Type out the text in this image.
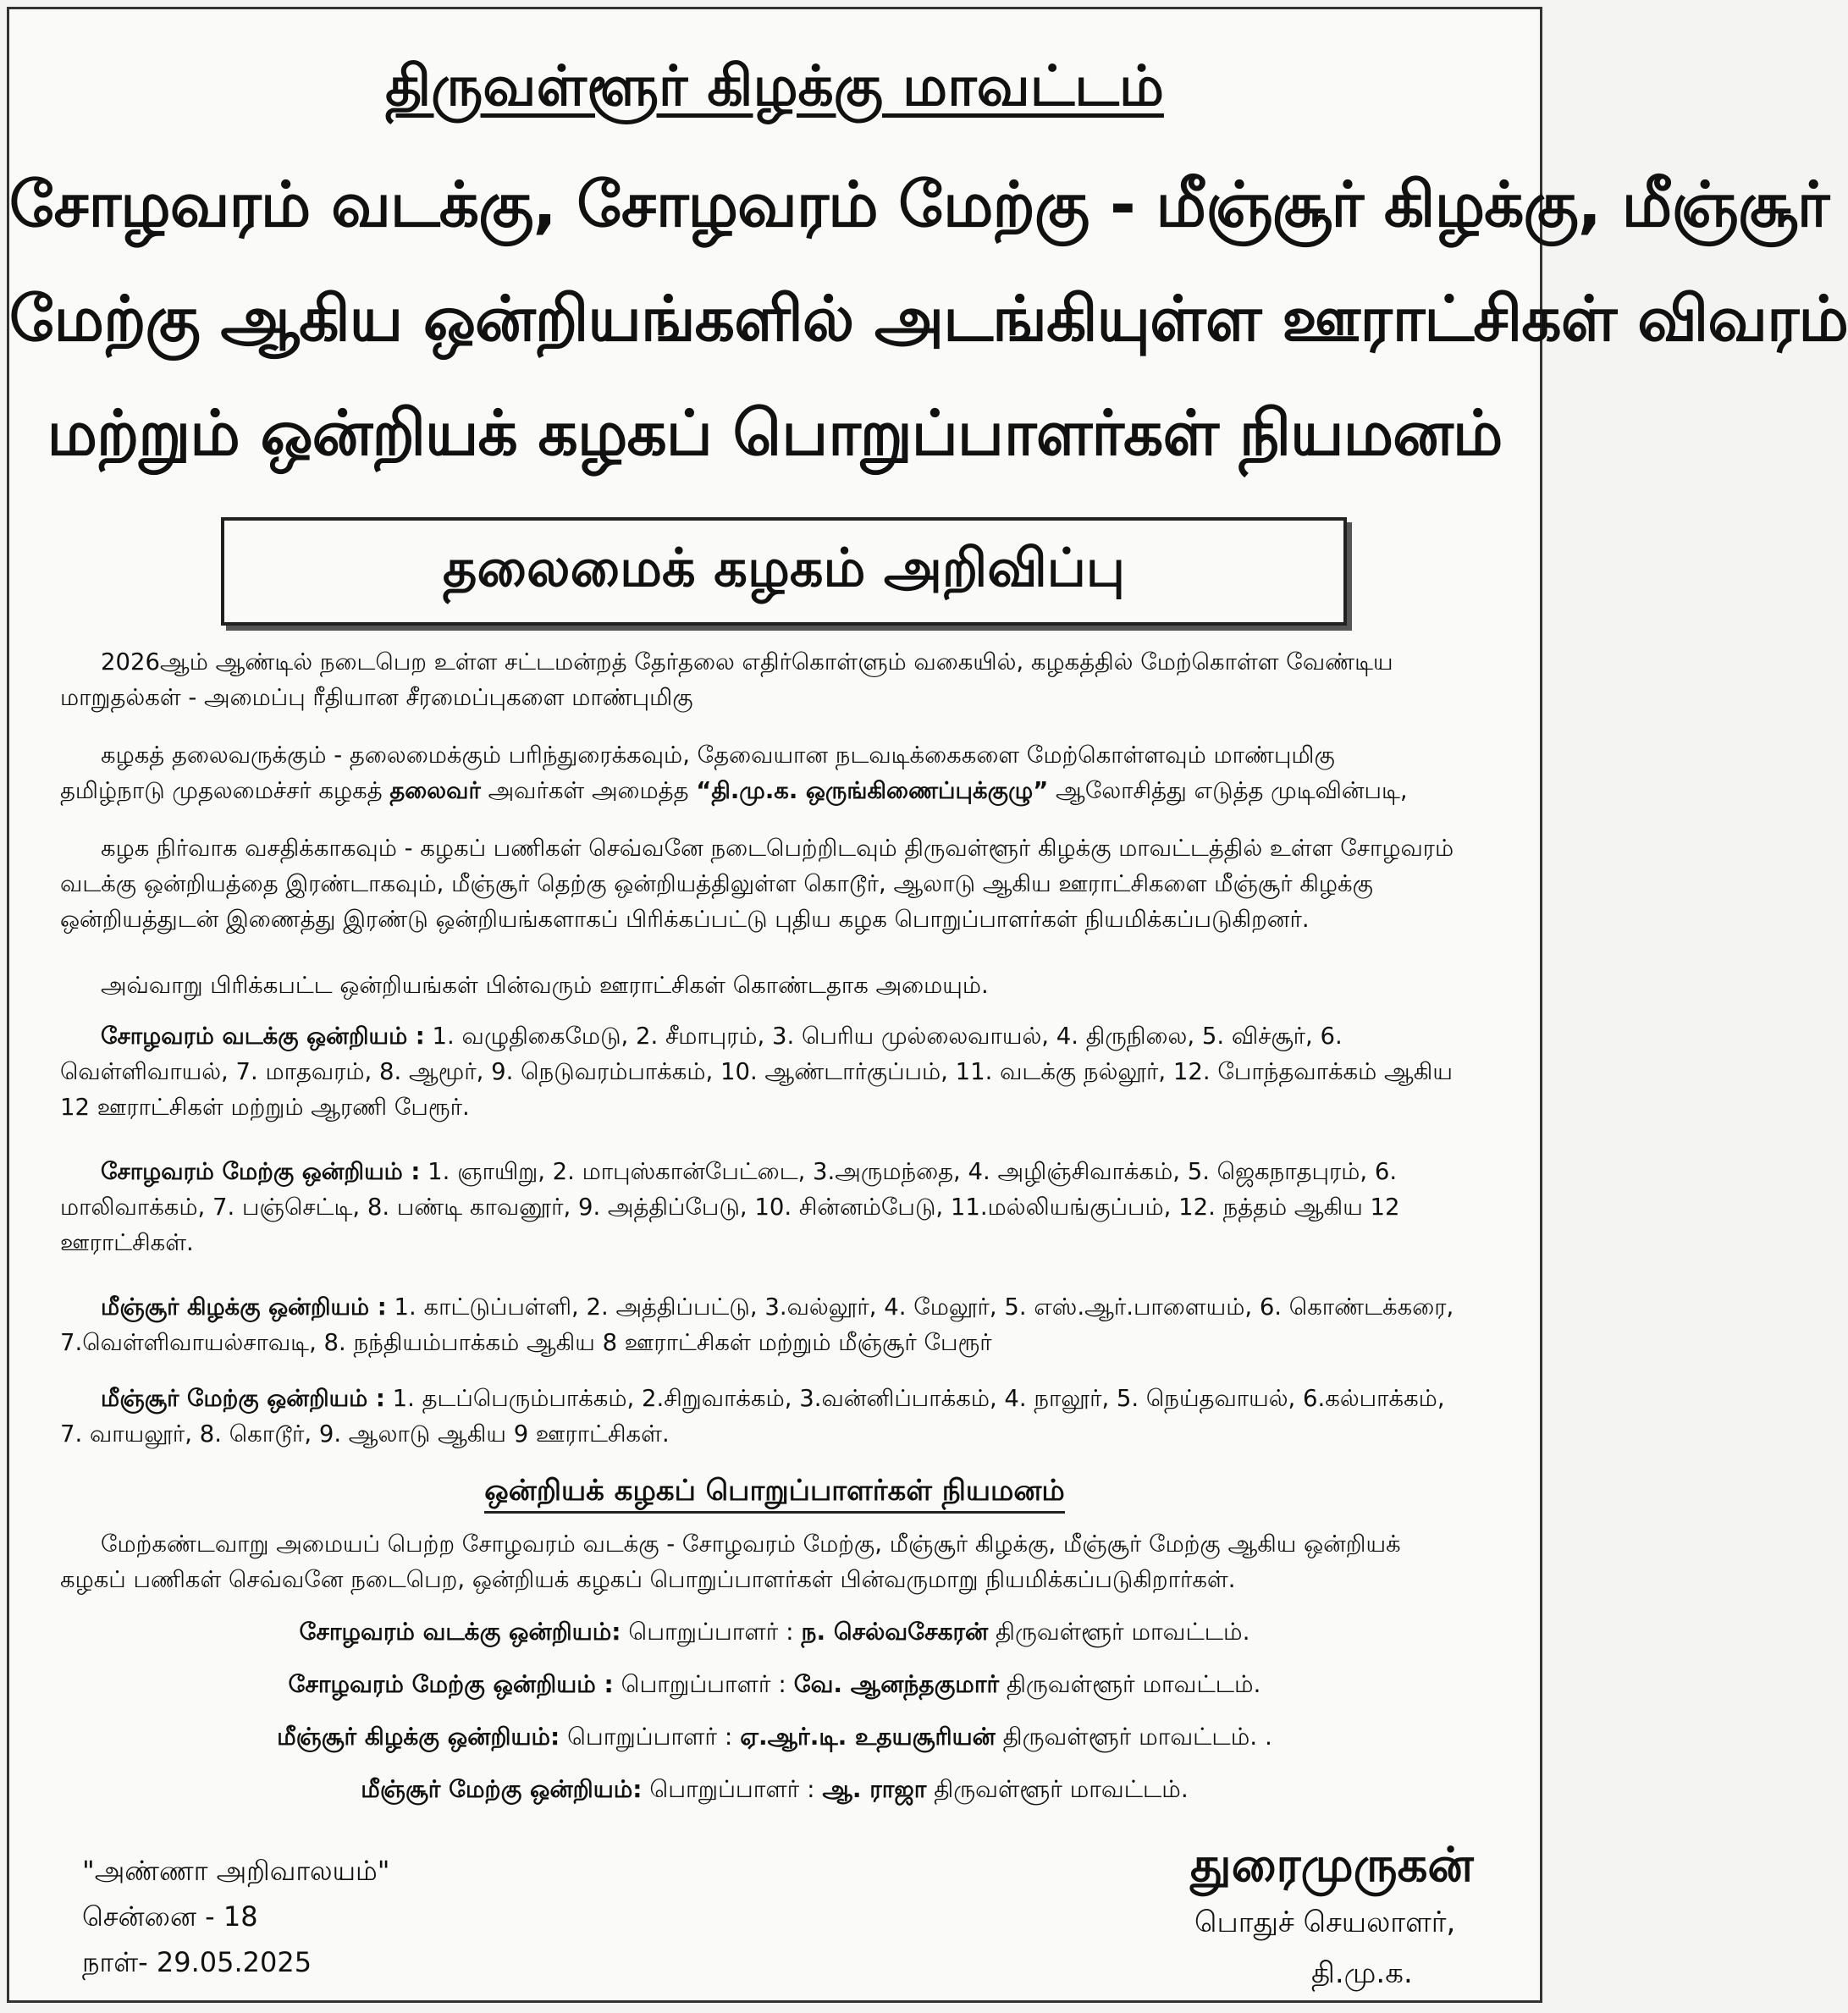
திருவள்ளூர் கிழக்கு மாவட்டம்
சோழவரம் வடக்கு, சோழவரம் மேற்கு - மீஞ்சூர் கிழக்கு, மீஞ்சூர்
மேற்கு ஆகிய ஒன்றியங்களில் அடங்கியுள்ள ஊராட்சிகள் விவரம்
மற்றும் ஒன்றியக் கழகப் பொறுப்பாளர்கள் நியமனம்
தலைமைக் கழகம் அறிவிப்பு
2026ஆம் ஆண்டில் நடைபெற உள்ள சட்டமன்றத் தேர்தலை எதிர்கொள்ளும் வகையில், கழகத்தில் மேற்கொள்ள வேண்டிய
மாறுதல்கள் - அமைப்பு ரீதியான சீரமைப்புகளை மாண்புமிகு
கழகத் தலைவருக்கும் - தலைமைக்கும் பரிந்துரைக்கவும், தேவையான நடவடிக்கைகளை மேற்கொள்ளவும் மாண்புமிகு
தமிழ்நாடு முதலமைச்சர் கழகத் தலைவர் அவர்கள் அமைத்த “தி.மு.க. ஒருங்கிணைப்புக்குழு” ஆலோசித்து எடுத்த முடிவின்படி,
கழக நிர்வாக வசதிக்காகவும் - கழகப் பணிகள் செவ்வனே நடைபெற்றிடவும் திருவள்ளூர் கிழக்கு மாவட்டத்தில் உள்ள சோழவரம்
வடக்கு ஒன்றியத்தை இரண்டாகவும், மீஞ்சூர் தெற்கு ஒன்றியத்திலுள்ள கொடூர், ஆலாடு ஆகிய ஊராட்சிகளை மீஞ்சூர் கிழக்கு
ஒன்றியத்துடன் இணைத்து இரண்டு ஒன்றியங்களாகப் பிரிக்கப்பட்டு புதிய கழக பொறுப்பாளர்கள் நியமிக்கப்படுகிறனர்.
அவ்வாறு பிரிக்கபட்ட ஒன்றியங்கள் பின்வரும் ஊராட்சிகள் கொண்டதாக அமையும்.
சோழவரம் வடக்கு ஒன்றியம் : 1. வழுதிகைமேடு, 2. சீமாபுரம், 3. பெரிய முல்லைவாயல், 4. திருநிலை, 5. விச்சூர், 6.
வெள்ளிவாயல், 7. மாதவரம், 8. ஆமூர், 9. நெடுவரம்பாக்கம், 10. ஆண்டார்குப்பம், 11. வடக்கு நல்லூர், 12. போந்தவாக்கம் ஆகிய
12 ஊராட்சிகள் மற்றும் ஆரணி பேரூர்.
சோழவரம் மேற்கு ஒன்றியம் : 1. ஞாயிறு, 2. மாபுஸ்கான்பேட்டை, 3.அருமந்தை, 4. அழிஞ்சிவாக்கம், 5. ஜெகநாதபுரம், 6.
மாலிவாக்கம், 7. பஞ்செட்டி, 8. பண்டி காவனூர், 9. அத்திப்பேடு, 10. சின்னம்பேடு, 11.மல்லியங்குப்பம், 12. நத்தம் ஆகிய 12
ஊராட்சிகள்.
மீஞ்சூர் கிழக்கு ஒன்றியம் : 1. காட்டுப்பள்ளி, 2. அத்திப்பட்டு, 3.வல்லூர், 4. மேலூர், 5. எஸ்.ஆர்.பாளையம், 6. கொண்டக்கரை,
7.வெள்ளிவாயல்சாவடி, 8. நந்தியம்பாக்கம் ஆகிய 8 ஊராட்சிகள் மற்றும் மீஞ்சூர் பேரூர்
மீஞ்சூர் மேற்கு ஒன்றியம் : 1. தடப்பெரும்பாக்கம், 2.சிறுவாக்கம், 3.வன்னிப்பாக்கம், 4. நாலூர், 5. நெய்தவாயல், 6.கல்பாக்கம்,
7. வாயலூர், 8. கொடூர், 9. ஆலாடு ஆகிய 9 ஊராட்சிகள்.
ஒன்றியக் கழகப் பொறுப்பாளர்கள் நியமனம்
மேற்கண்டவாறு அமையப் பெற்ற சோழவரம் வடக்கு - சோழவரம் மேற்கு, மீஞ்சூர் கிழக்கு, மீஞ்சூர் மேற்கு ஆகிய ஒன்றியக்
கழகப் பணிகள் செவ்வனே நடைபெற, ஒன்றியக் கழகப் பொறுப்பாளர்கள் பின்வருமாறு நியமிக்கப்படுகிறார்கள்.
சோழவரம் வடக்கு ஒன்றியம்: பொறுப்பாளர் : ந. செல்வசேகரன் திருவள்ளூர் மாவட்டம்.
சோழவரம் மேற்கு ஒன்றியம் : பொறுப்பாளர் : வே. ஆனந்தகுமார் திருவள்ளூர் மாவட்டம்.
மீஞ்சூர் கிழக்கு ஒன்றியம்: பொறுப்பாளர் : ஏ.ஆர்.டி. உதயசூரியன் திருவள்ளூர் மாவட்டம். .
மீஞ்சூர் மேற்கு ஒன்றியம்: பொறுப்பாளர் : ஆ. ராஜா திருவள்ளூர் மாவட்டம்.
"அண்ணா அறிவாலயம்"
சென்னை - 18
நாள்- 29.05.2025
துரைமுருகன்
பொதுச் செயலாளர்,
தி.மு.க.
